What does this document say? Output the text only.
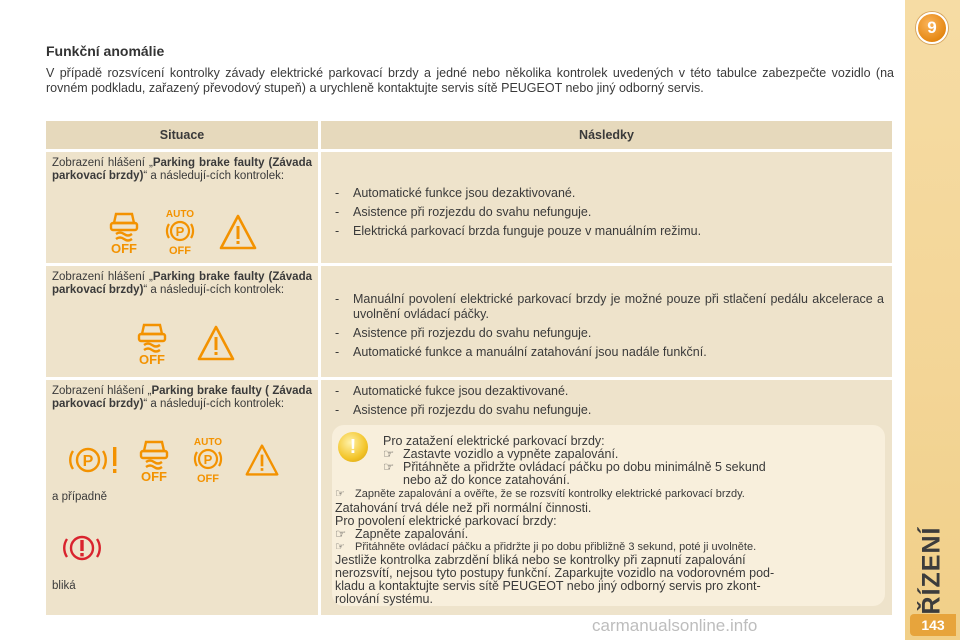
9
ŘÍZENÍ
143
Funkční anomálie

V případě rozsvícení kontrolky závady elektrické parkovací brzdy a jedné nebo několika kontrolek uvedených v této tabulce zabezpečte vozidlo (na rovném podkladu, zařazený převodový stupeň) a urychleně kontaktujte servis sítě PEUGEOT nebo jiný odborný servis.

Situace	Následky
Zobrazení hlášení „Parking brake faulty (Závada parkovací brzdy)“ a následují-cích kontrolek:
OFF
AUTO
P
OFF
- Automatické funkce jsou dezaktivované.
- Asistence při rozjezdu do svahu nefunguje.
- Elektrická parkovací brzda funguje pouze v manuálním režimu.
Zobrazení hlášení „Parking brake faulty (Závada parkovací brzdy)“ a následují-cích kontrolek:
OFF
- Manuální povolení elektrické parkovací brzdy je možné pouze při stlačení pedálu akcelerace a uvolnění ovládací páčky.
- Asistence při rozjezdu do svahu nefunguje.
- Automatické funkce a manuální zatahování jsou nadále funkční.
Zobrazení hlášení „Parking brake faulty ( Závada parkovací brzdy)“ a následují-cích kontrolek:
P
OFF
AUTO
P
OFF
a případně
bliká
- Automatické fukce jsou dezaktivované.
- Asistence při rozjezdu do svahu nefunguje.
!	Pro zatažení elektrické parkovací brzdy:
☞ Zastavte vozidlo a vypněte zapalování.
☞ Přitáhněte a přidržte ovládací páčku po dobu minimálně 5 sekund
nebo až do konce zatahování.
☞ Zapněte zapalování a ověřte, že se rozsvítí kontrolky elektrické parkovací brzdy.
Zatahování trvá déle než při normální činnosti.
Pro povolení elektrické parkovací brzdy:
☞ Zapněte zapalování.
☞ Přitáhněte ovládací páčku a přidržte ji po dobu přibližně 3 sekund, poté ji uvolněte.
Jestliže kontrolka zabrzdění bliká nebo se kontrolky při zapnutí zapalování
nerozsvítí, nejsou tyto postupy funkční. Zaparkujte vozidlo na vodorovném pod-
kladu a kontaktujte servis sítě PEUGEOT nebo jiný odborný servis pro zkont-
rolování systému.
carmanualsonline.info
